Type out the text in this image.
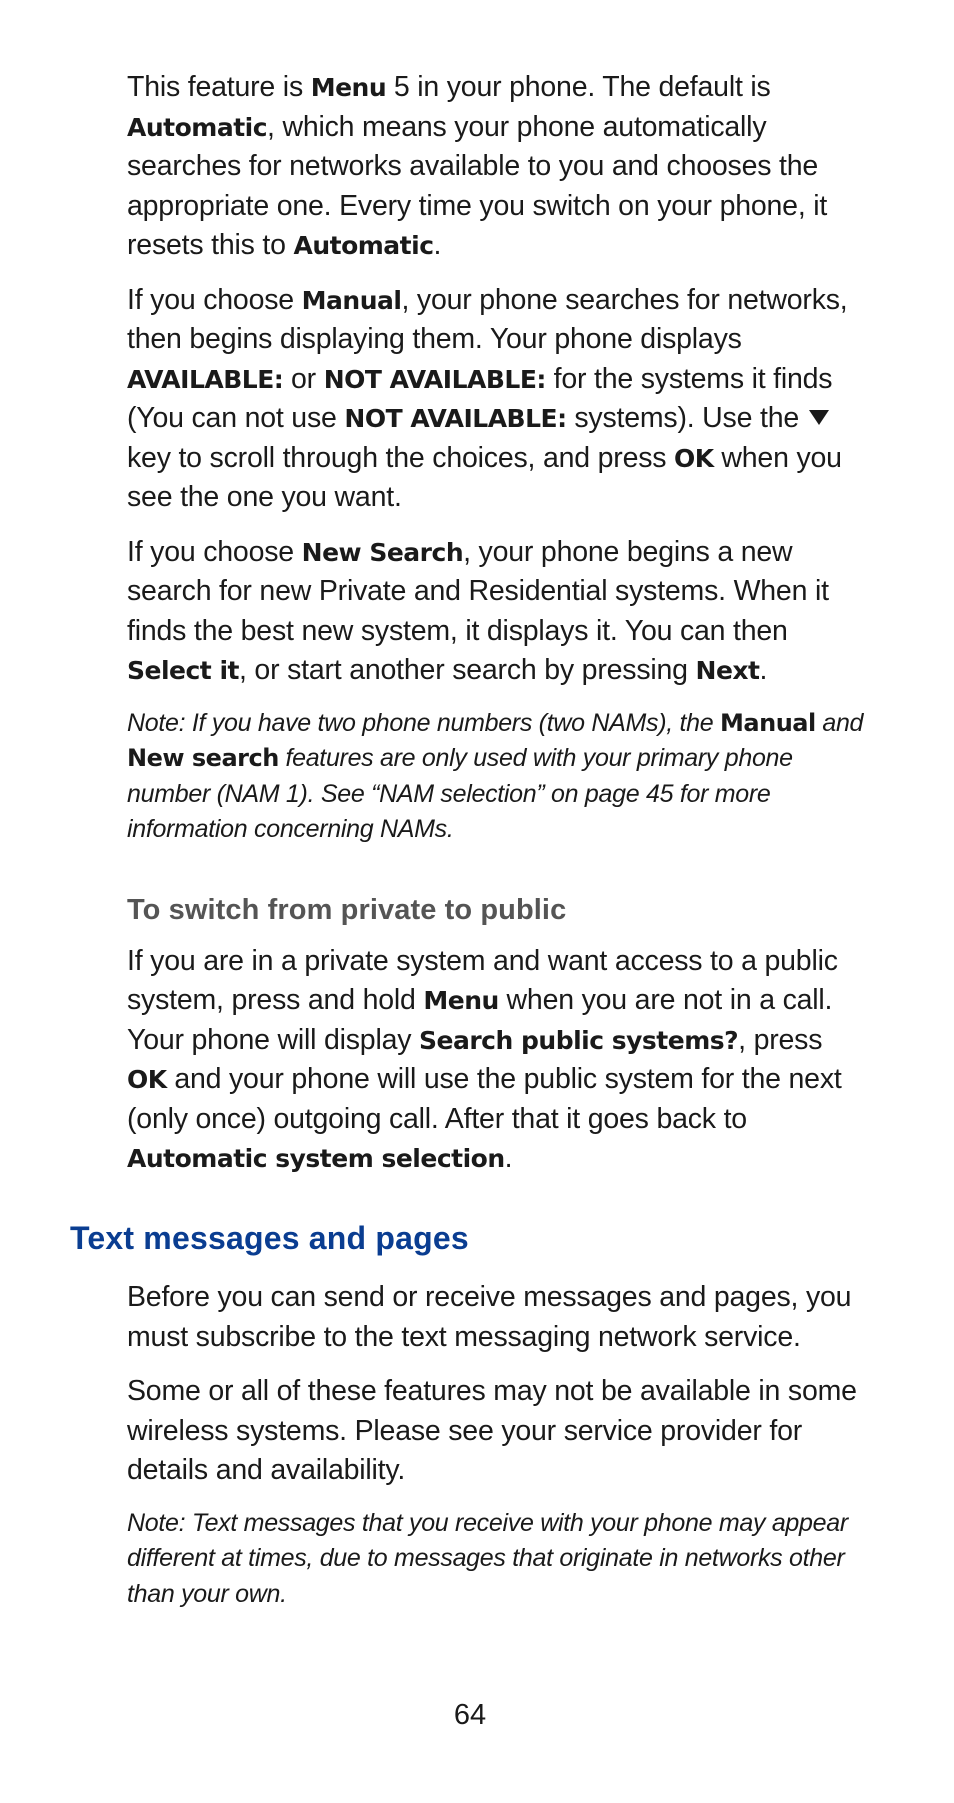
This feature is Menu 5 in your phone. The default is Automatic, which means your phone automatically searches for networks available to you and chooses the appropriate one. Every time you switch on your phone, it resets this to Automatic.

If you choose Manual, your phone searches for networks, then begins displaying them. Your phone displays AVAILABLE: or NOT AVAILABLE: for the systems it finds (You can not use NOT AVAILABLE: systems). Use the  key to scroll through the choices, and press OK when you see the one you want.

If you choose New Search, your phone begins a new search for new Private and Residential systems. When it finds the best new system, it displays it. You can then Select it, or start another search by pressing Next.

Note: If you have two phone numbers (two NAMs), the Manual and New search features are only used with your primary phone number (NAM 1). See “NAM selection” on page 45 for more information concerning NAMs.

To switch from private to public

If you are in a private system and want access to a public system, press and hold Menu when you are not in a call. Your phone will display Search public systems?, press OK and your phone will use the public system for the next (only once) outgoing call. After that it goes back to Automatic system selection.

Text messages and pages

Before you can send or receive messages and pages, you must subscribe to the text messaging network service.

Some or all of these features may not be available in some wireless systems. Please see your service provider for details and availability.

Note: Text messages that you receive with your phone may appear different at times, due to messages that originate in networks other than your own.

64
